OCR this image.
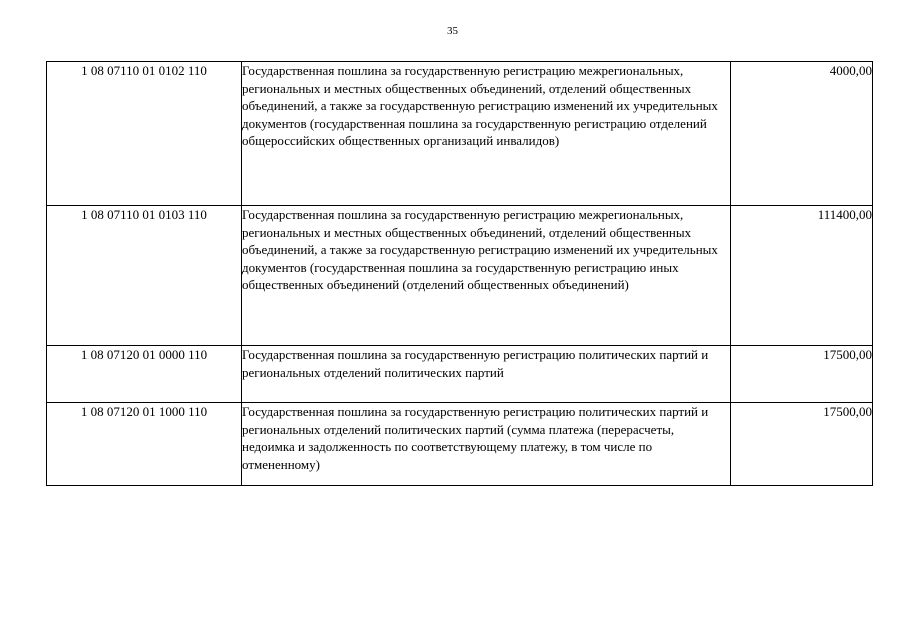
35
1 08 07110 01 0102 110	Государственная пошлина за государственную регистрацию межрегиональных, региональных и местных общественных объединений, отделений общественных объединений, а также за государственную регистрацию изменений их учредительных документов (государственная пошлина за государственную регистрацию отделений общероссийских общественных организаций инвалидов)	4000,00
1 08 07110 01 0103 110	Государственная пошлина за государственную регистрацию межрегиональных, региональных и местных общественных объединений, отделений общественных объединений, а также за государственную регистрацию изменений их учредительных документов (государственная пошлина за государственную регистрацию иных общественных объединений (отделений общественных объединений)	111400,00
1 08 07120 01 0000 110	Государственная пошлина за государственную регистрацию политических партий и региональных отделений политических партий	17500,00
1 08 07120 01 1000 110	Государственная пошлина за государственную регистрацию политических партий и региональных отделений политических партий (сумма платежа (перерасчеты, недоимка и задолженность по соответствующему платежу, в том числе по отмененному)	17500,00
